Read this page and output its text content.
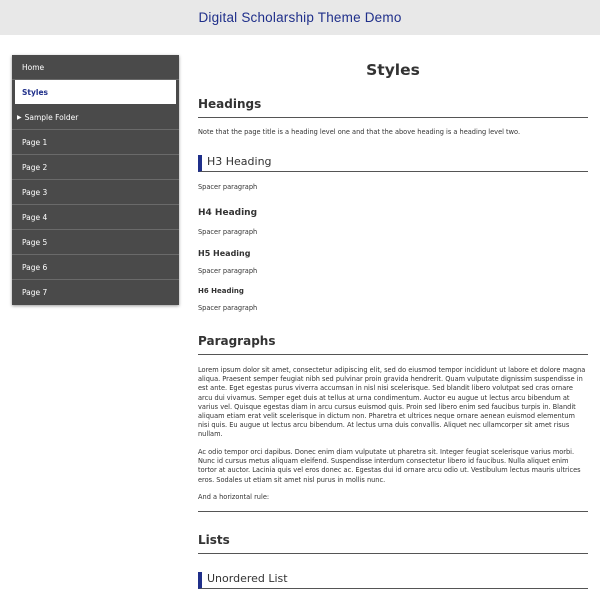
Digital Scholarship Theme Demo
Home
Styles
▶ Sample Folder
Page 1
Page 2
Page 3
Page 4
Page 5
Page 6
Page 7
Styles
Headings

Note that the page title is a heading level one and that the above heading is a heading level two.

H3 Heading

Spacer paragraph

H4 Heading

Spacer paragraph

H5 Heading

Spacer paragraph

H6 Heading

Spacer paragraph

Paragraphs

Lorem ipsum dolor sit amet, consectetur adipiscing elit, sed do eiusmod tempor incididunt ut labore et dolore magna aliqua. Praesent semper feugiat nibh sed pulvinar proin gravida hendrerit. Quam vulputate dignissim suspendisse in est ante. Eget egestas purus viverra accumsan in nisl nisi scelerisque. Sed blandit libero volutpat sed cras ornare arcu dui vivamus. Semper eget duis at tellus at urna condimentum. Auctor eu augue ut lectus arcu bibendum at varius vel. Quisque egestas diam in arcu cursus euismod quis. Proin sed libero enim sed faucibus turpis in. Blandit aliquam etiam erat velit scelerisque in dictum non. Pharetra et ultrices neque ornare aenean euismod elementum nisi quis. Eu augue ut lectus arcu bibendum. At lectus urna duis convallis. Aliquet nec ullamcorper sit amet risus nullam.

Ac odio tempor orci dapibus. Donec enim diam vulputate ut pharetra sit. Integer feugiat scelerisque varius morbi. Nunc id cursus metus aliquam eleifend. Suspendisse interdum consectetur libero id faucibus. Nulla aliquet enim tortor at auctor. Lacinia quis vel eros donec ac. Egestas dui id ornare arcu odio ut. Vestibulum lectus mauris ultrices eros. Sodales ut etiam sit amet nisl purus in mollis nunc.

And a horizontal rule:

Lists
Unordered List
